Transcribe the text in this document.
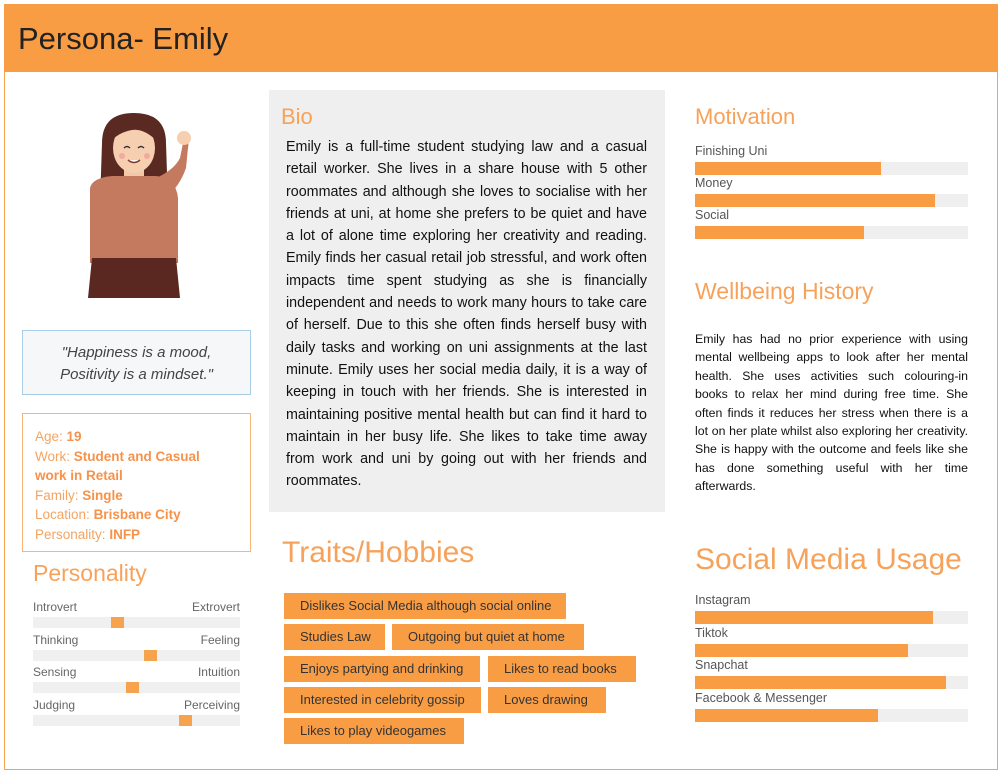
Persona- Emily
"Happiness is a mood,
Positivity is a mindset."
Age: 19
Work: Student and Casual
work in Retail
Family: Single
Location: Brisbane City
Personality: INFP
Personality
Introvert	Extrovert
Thinking	Feeling
Sensing	Intuition
Judging	Perceiving
Bio
Emily is a full-time student studying law and a casual retail worker. She lives in a share house with 5 other roommates and although she loves to socialise with her friends at uni, at home she prefers to be quiet and have a lot of alone time exploring her creativity and reading. Emily finds her casual retail job stressful, and work often impacts time spent studying as she is financially independent and needs to work many hours to take care of herself. Due to this she often finds herself busy with daily tasks and working on uni assignments at the last minute. Emily uses her social media daily, it is a way of keeping in touch with her friends. She is interested in maintaining positive mental health but can find it hard to maintain in her busy life. She likes to take time away from work and uni by going out with her friends and roommates.
Traits/Hobbies
Dislikes Social Media although social online
Studies Law	Outgoing but quiet at home
Enjoys partying and drinking	Likes to read books
Interested in celebrity gossip	Loves drawing
Likes to play videogames
Motivation
Finishing Uni
Money
Social
Wellbeing History
Emily has had no prior experience with using mental wellbeing apps to look after her mental health. She uses activities such colouring-in books to relax her mind during free time. She often finds it reduces her stress when there is a lot on her plate whilst also exploring her creativity. She is happy with the outcome and feels like she has done something useful with her time afterwards.
Social Media Usage
Instagram
Tiktok
Snapchat
Facebook & Messenger
